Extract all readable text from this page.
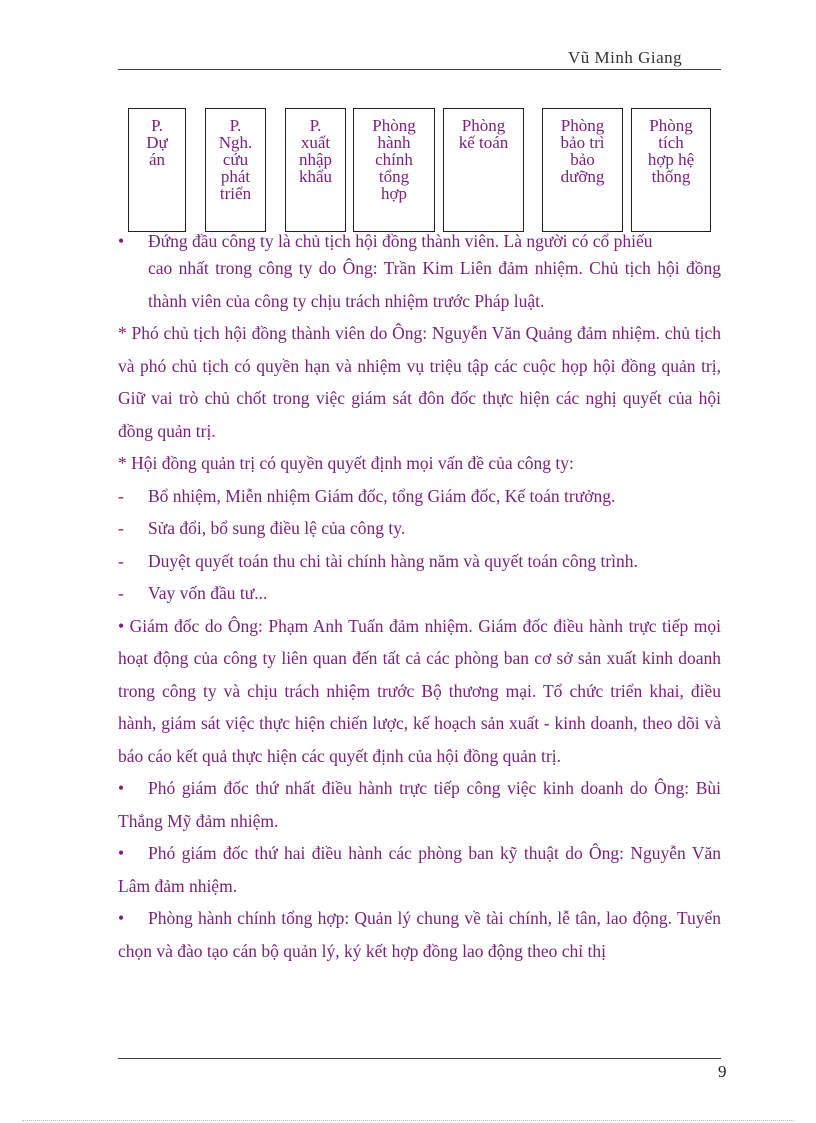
Vũ Minh Giang
P.
Dự
án
P.
Ngh.
cứu
phát
triển
P.
xuất
nhập
khẩu
Phòng
hành
chính
tổng
hợp
Phòng
kế toán
Phòng
bảo trì
bảo
dưỡng
Phòng
tích
hợp hệ
thống

• Đứng đầu công ty là chủ tịch hội đồng thành viên. Là người có cổ phiếu

cao nhất trong công ty do Ông: Trần Kim Liên đảm nhiệm. Chủ tịch hội đồng thành viên của công ty chịu trách nhiệm trước Pháp luật.

* Phó chủ tịch hội đồng thành viên do Ông: Nguyễn Văn Quảng đảm nhiệm. chủ tịch và phó chủ tịch có quyền hạn và nhiệm vụ triệu tập các cuộc họp hội đồng quản trị, Giữ vai trò chủ chốt trong việc giám sát đôn đốc thực hiện các nghị quyết của hội đồng quản trị.

* Hội đồng quản trị có quyền quyết định mọi vấn đề của công ty:

- Bổ nhiệm, Miễn nhiệm Giám đốc, tổng Giám đốc, Kế toán trưởng.

- Sửa đổi, bổ sung điều lệ của công ty.

- Duyệt quyết toán thu chi tài chính hàng năm và quyết toán công trình.

- Vay vốn đầu tư...

• Giám đốc do Ông: Phạm Anh Tuấn đảm nhiệm. Giám đốc điều hành trực tiếp mọi hoạt động của công ty liên quan đến tất cả các phòng ban cơ sở sản xuất kinh doanh trong công ty và chịu trách nhiệm trước Bộ thương mại. Tổ chức triển khai, điều hành, giám sát việc thực hiện chiến lược, kế hoạch sản xuất - kinh doanh, theo dõi và báo cáo kết quả thực hiện các quyết định của hội đồng quản trị.

• Phó giám đốc thứ nhất điều hành trực tiếp công việc kinh doanh do Ông: Bùi Thắng Mỹ đảm nhiệm.

• Phó giám đốc thứ hai điều hành các phòng ban kỹ thuật do Ông: Nguyễn Văn Lâm đảm nhiệm.

• Phòng hành chính tổng hợp: Quản lý chung về tài chính, lễ tân, lao động. Tuyển chọn và đào tạo cán bộ quản lý, ký kết hợp đồng lao động theo chỉ thị

9
